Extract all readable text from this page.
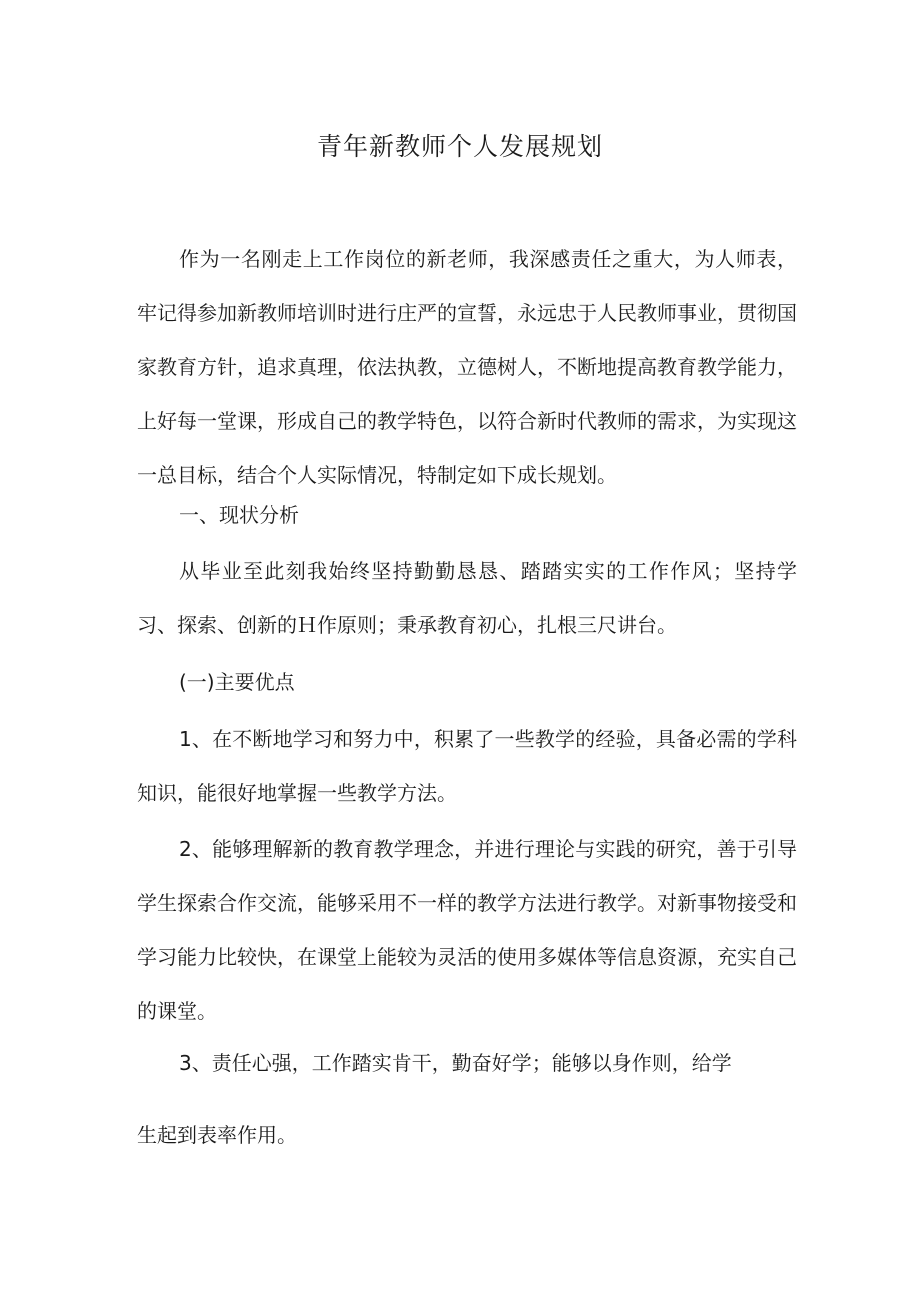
青年新教师个人发展规划

作为一名刚走上工作岗位的新老师，我深感责任之重大，为人师表，牢记得参加新教师培训时进行庄严的宣誓，永远忠于人民教师事业，贯彻国家教育方针，追求真理，依法执教，立德树人，不断地提高教育教学能力，上好每一堂课，形成自己的教学特色，以符合新时代教师的需求，为实现这一总目标，结合个人实际情况，特制定如下成长规划。

一、现状分析

从毕业至此刻我始终坚持勤勤恳恳、踏踏实实的工作作风；坚持学习、探索、创新的Ｈ作原则；秉承教育初心，扎根三尺讲台。

(一)主要优点

1、在不断地学习和努力中，积累了一些教学的经验，具备必需的学科知识，能很好地掌握一些教学方法。

2、能够理解新的教育教学理念，并进行理论与实践的研究，善于引导学生探索合作交流，能够采用不一样的教学方法进行教学。对新事物接受和学习能力比较快，在课堂上能较为灵活的使用多媒体等信息资源，充实自己的课堂。

3、责任心强，工作踏实肯干，勤奋好学；能够以身作则，给学

生起到表率作用。
